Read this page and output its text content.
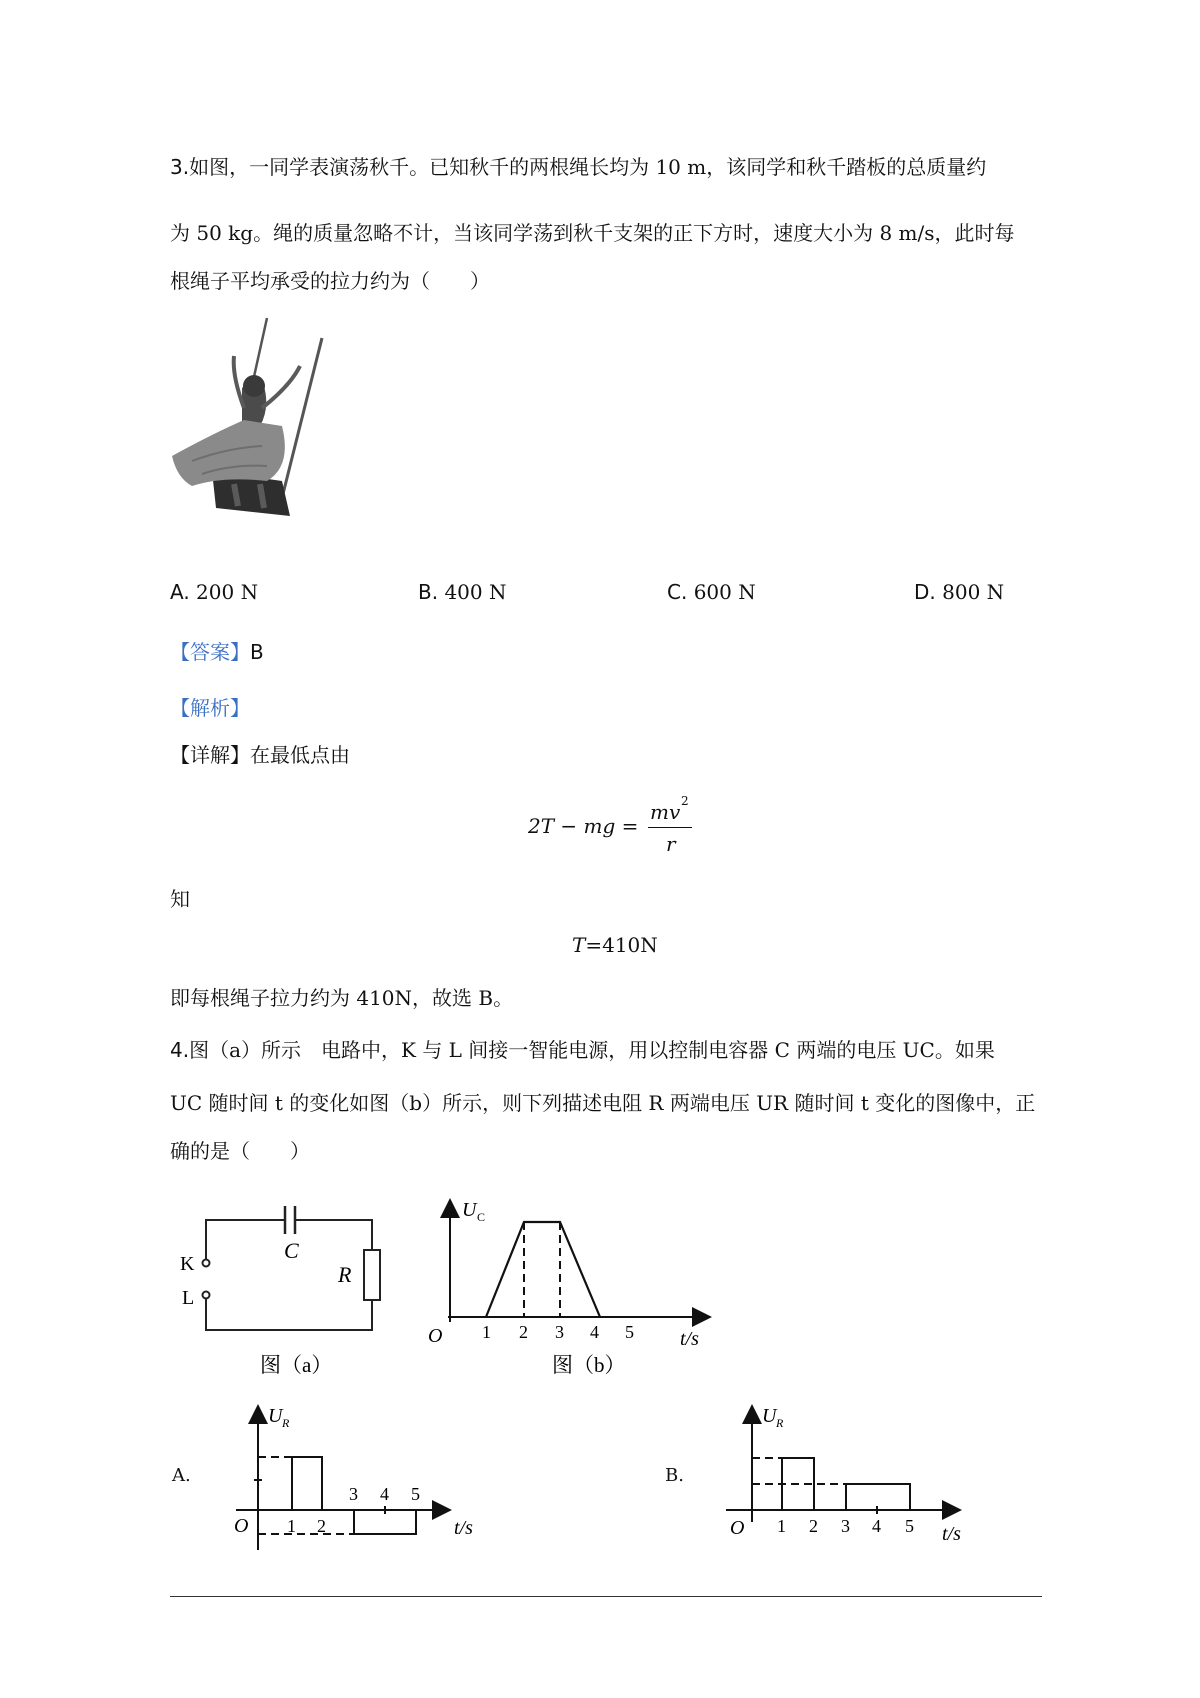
3.如图，一同学表演荡秋千。已知秋千的两根绳长均为 10 m，该同学和秋千踏板的总质量约
为 50 kg。绳的质量忽略不计，当该同学荡到秋千支架的正下方时，速度大小为 8 m/s，此时每
根绳子平均承受的拉力约为（　　）
A. 200 N	B. 400 N	C. 600 N	D. 800 N
【答案】B
【解析】
【详解】在最低点由
2T − mg =
mv 2
r
知
T=410N
即每根绳子拉力约为 410N，故选 B。
4.图（a）所示　电路中，K 与 L 间接一智能电源，用以控制电容器 C 两端的电压 UC。如果
UC 随时间 t 的变化如图（b）所示，则下列描述电阻 R 两端电压 UR 随时间 t 变化的图像中，正
确的是（　　）
K
L
C
R
图（a）
U C
O 1 2 3 4 5 t/s
图（b）
A.
U R
O 1 2
3 4 5
t/s
B.
U R
O 1 2 3 4 5 t/s
